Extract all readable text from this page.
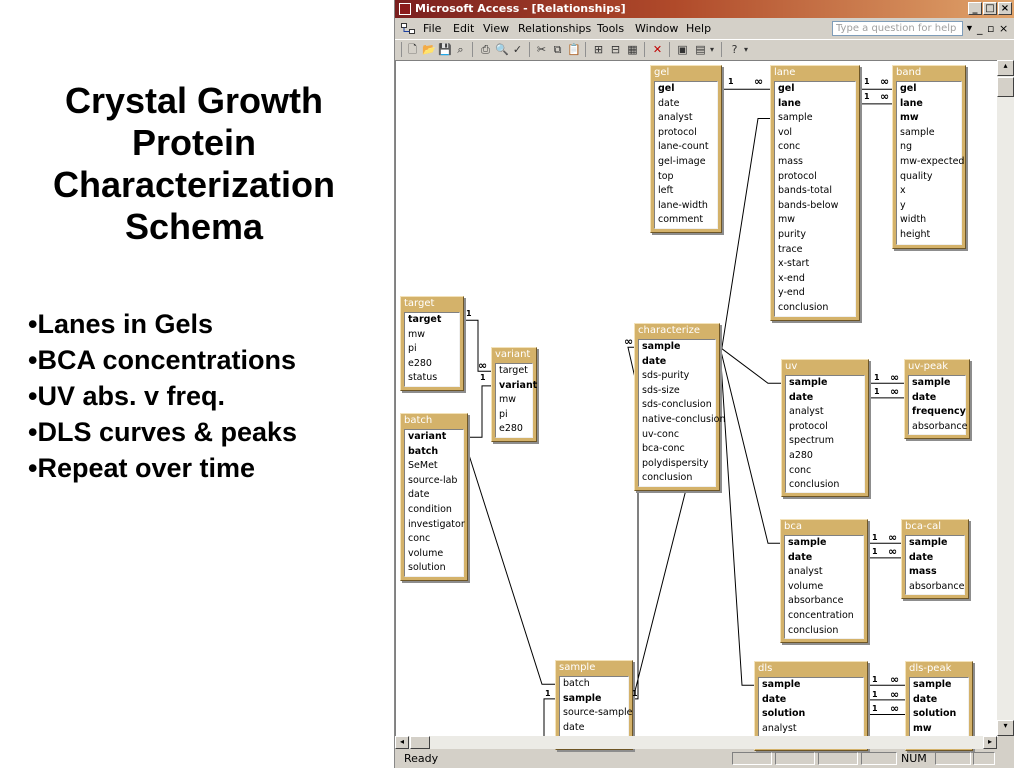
Crystal Growth
Protein
Characterization
Schema
• Lanes in Gels
• BCA concentrations
• UV abs. v freq.
• DLS curves & peaks
• Repeat over time
Microsoft Access - [Relationships]	_ □ ×
File Edit View Relationships Tools Window Help	Type a question for help ▼ _ ▫ ×
🗋 📂 💾 ⌕	⎙ 🔍 ✓ ✂ ⧉ 📋 ⊞ ⊟ ▦ ✕ ▣ ▤ ▾	? ▾
gel
gel
date
analyst
protocol
lane-count
gel-image
top
left
lane-width
comment
lane
gel
lane
sample
vol
conc
mass
protocol
bands-total
bands-below
mw
purity
trace
x-start
x-end
y-end
conclusion
band
gel
lane
mw
sample
ng
mw-expected
quality
x
y
width
height
target
target
mw
pi
e280
status
variant
target
variant
mw
pi
e280
batch
variant
batch
SeMet
source-lab
date
condition
investigator
conc
volume
solution
characterize
sample
date
sds-purity
sds-size
sds-conclusion
native-conclusion
uv-conc
bca-conc
polydispersity
conclusion
uv
sample
date
analyst
protocol
spectrum
a280
conc
conclusion
uv-peak
sample
date
frequency
absorbance
bca
sample
date
analyst
volume
absorbance
concentration
conclusion
bca-cal
sample
date
mass
absorbance
sample
batch
sample
source-sample
date
dls
sample
date
solution
analyst
dls-peak
sample
date
solution
mw
1 ∞	1 ∞
1 ∞
1
∞
1
∞
1 ∞
1 ∞
1 ∞
1 ∞
1 ∞
1 ∞
1 ∞
1	1
▴
▾
◂	▸
Ready	NUM
